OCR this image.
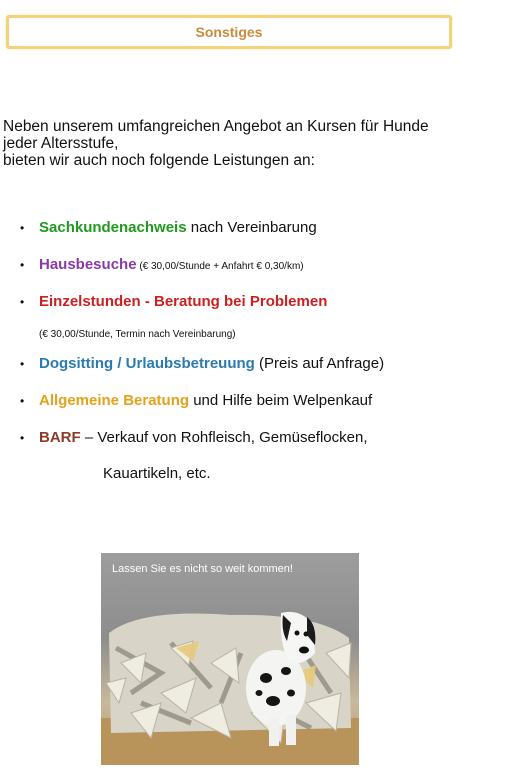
Sonstiges
Neben unserem umfangreichen Angebot an Kursen für Hunde
jeder Altersstufe,
bieten wir auch noch folgende Leistungen an:
• Sachkundenachweis nach Vereinbarung
• Hausbesuche (€ 30,00/Stunde + Anfahrt € 0,30/km)
• Einzelstunden - Beratung bei Problemen
(€ 30,00/Stunde, Termin nach Vereinbarung)
• Dogsitting / Urlaubsbetreuung (Preis auf Anfrage)
• Allgemeine Beratung und Hilfe beim Welpenkauf
• BARF – Verkauf von Rohfleisch, Gemüseflocken,
Kauartikeln, etc.
Lassen Sie es nicht so weit kommen!
